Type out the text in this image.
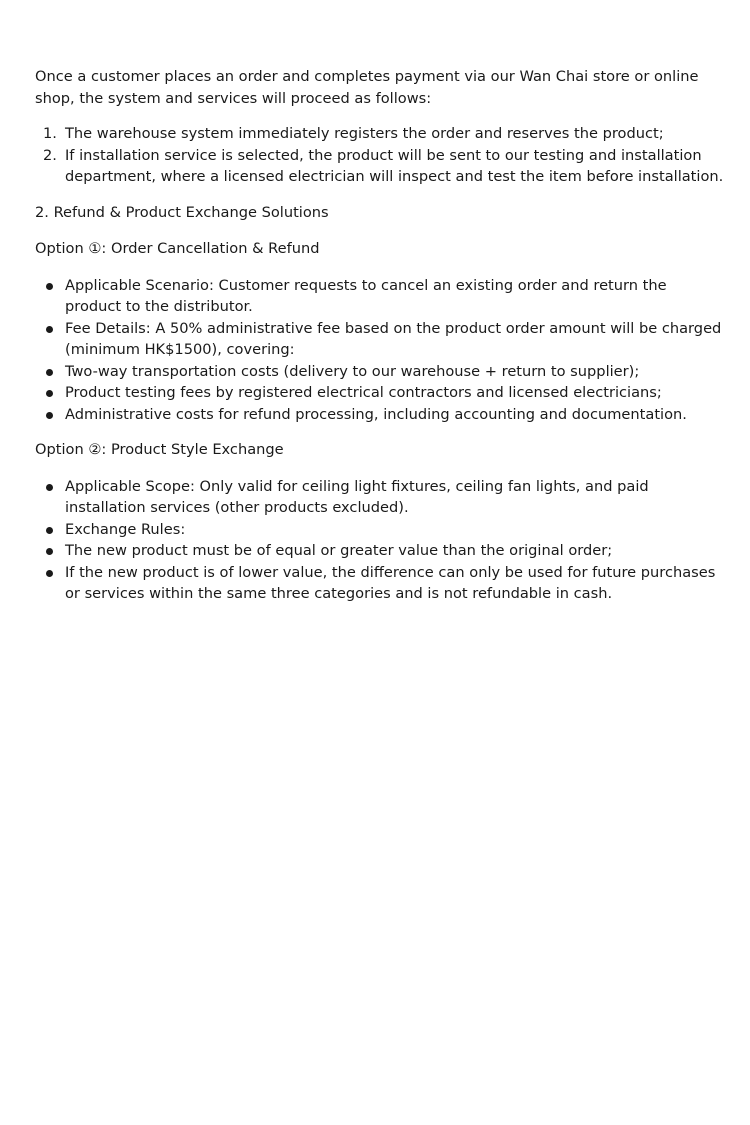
Once a customer places an order and completes payment via our Wan Chai store or online shop, the system and services will proceed as follows:

1. The warehouse system immediately registers the order and reserves the product;
2. If installation service is selected, the product will be sent to our testing and installation department, where a licensed electrician will inspect and test the item before installation.

2. Refund & Product Exchange Solutions

Option ①: Order Cancellation & Refund

Applicable Scenario: Customer requests to cancel an existing order and return the product to the distributor.
Fee Details: A 50% administrative fee based on the product order amount will be charged (minimum HK$1500), covering:
Two-way transportation costs (delivery to our warehouse + return to supplier);
Product testing fees by registered electrical contractors and licensed electricians;
Administrative costs for refund processing, including accounting and documentation.

Option ②: Product Style Exchange

Applicable Scope: Only valid for ceiling light fixtures, ceiling fan lights, and paid installation services (other products excluded).
Exchange Rules:
The new product must be of equal or greater value than the original order;
If the new product is of lower value, the difference can only be used for future purchases or services within the same three categories and is not refundable in cash.
